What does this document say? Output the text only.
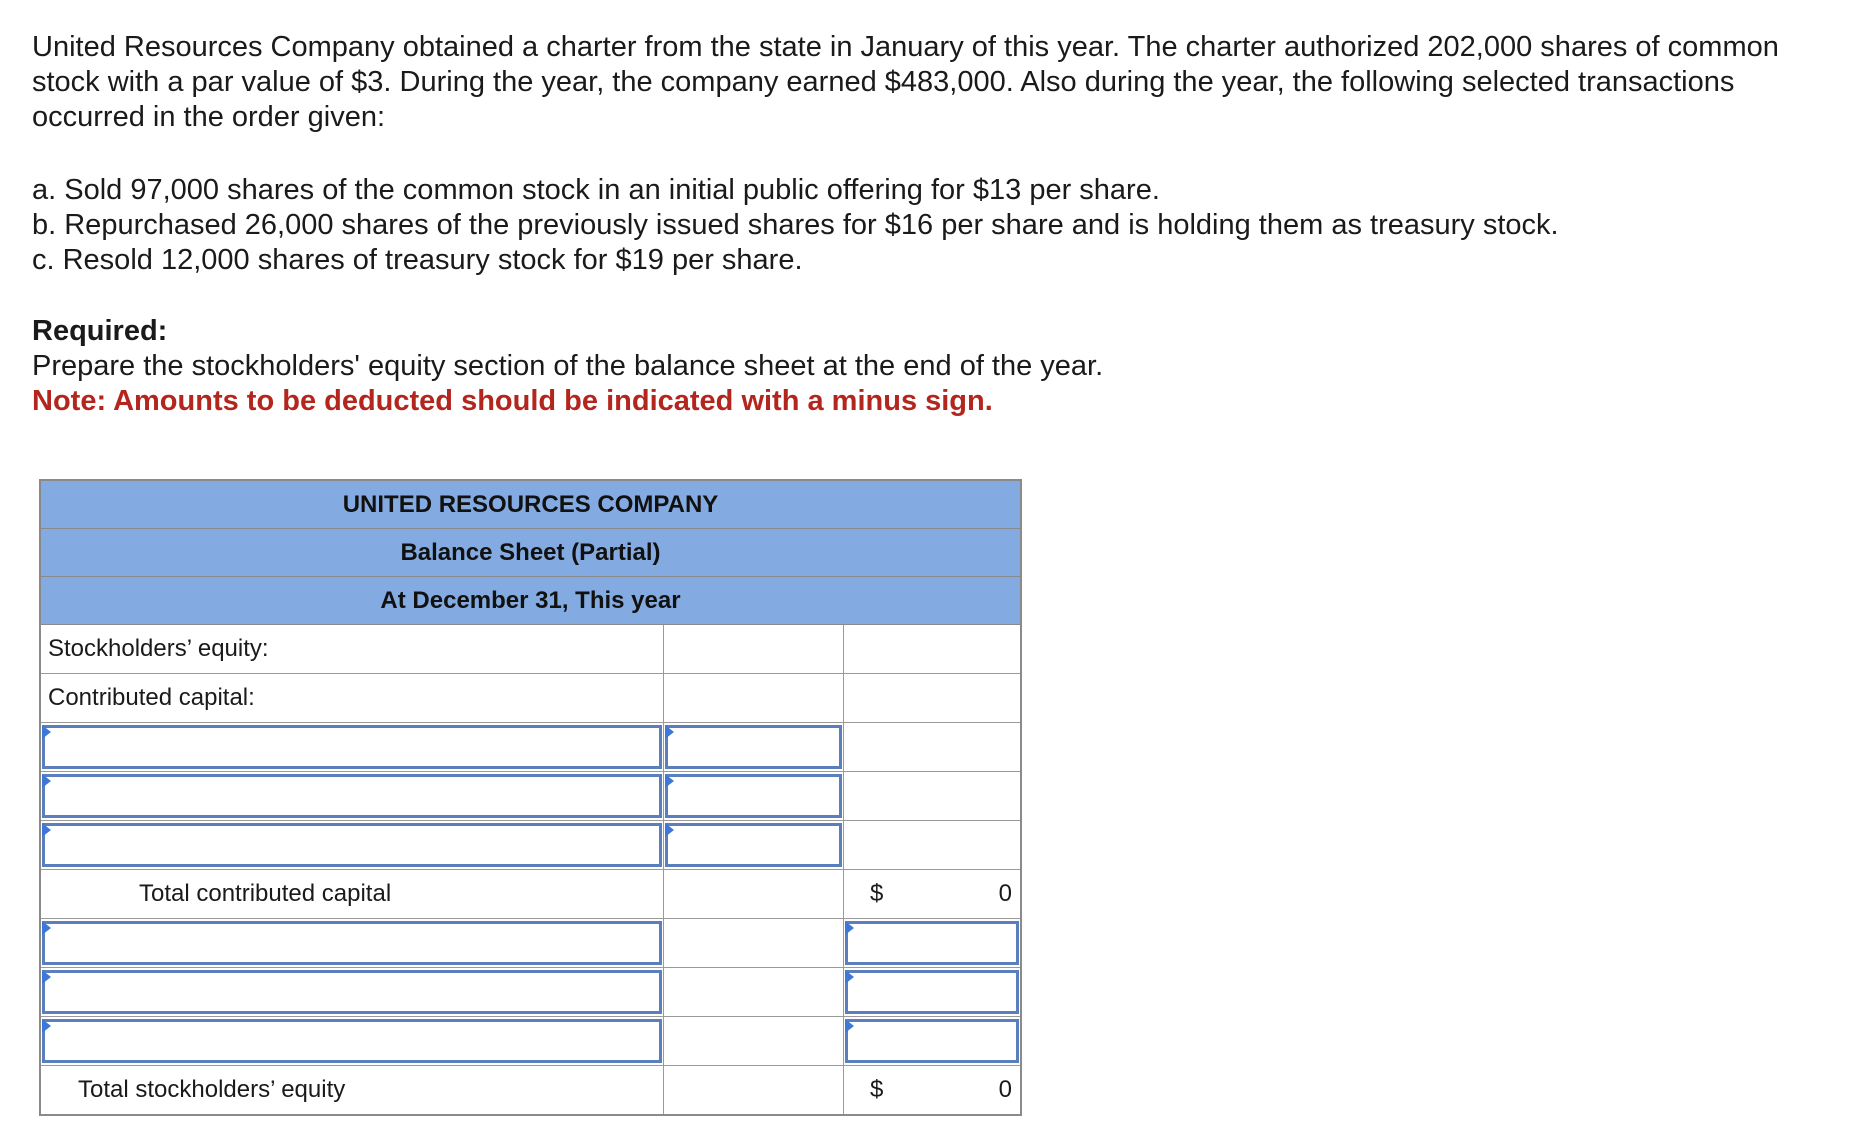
United Resources Company obtained a charter from the state in January of this year. The charter authorized 202,000 shares of common stock with a par value of $3. During the year, the company earned $483,000. Also during the year, the following selected transactions occurred in the order given:

a. Sold 97,000 shares of the common stock in an initial public offering for $13 per share.

b. Repurchased 26,000 shares of the previously issued shares for $16 per share and is holding them as treasury stock.

c. Resold 12,000 shares of treasury stock for $19 per share.

Required:

Prepare the stockholders' equity section of the balance sheet at the end of the year.

Note: Amounts to be deducted should be indicated with a minus sign.

UNITED RESOURCES COMPANY
Balance Sheet (Partial)
At December 31, This year
Stockholders’ equity:
Contributed capital:
Total contributed capital	$	0
Total stockholders’ equity	$	0
